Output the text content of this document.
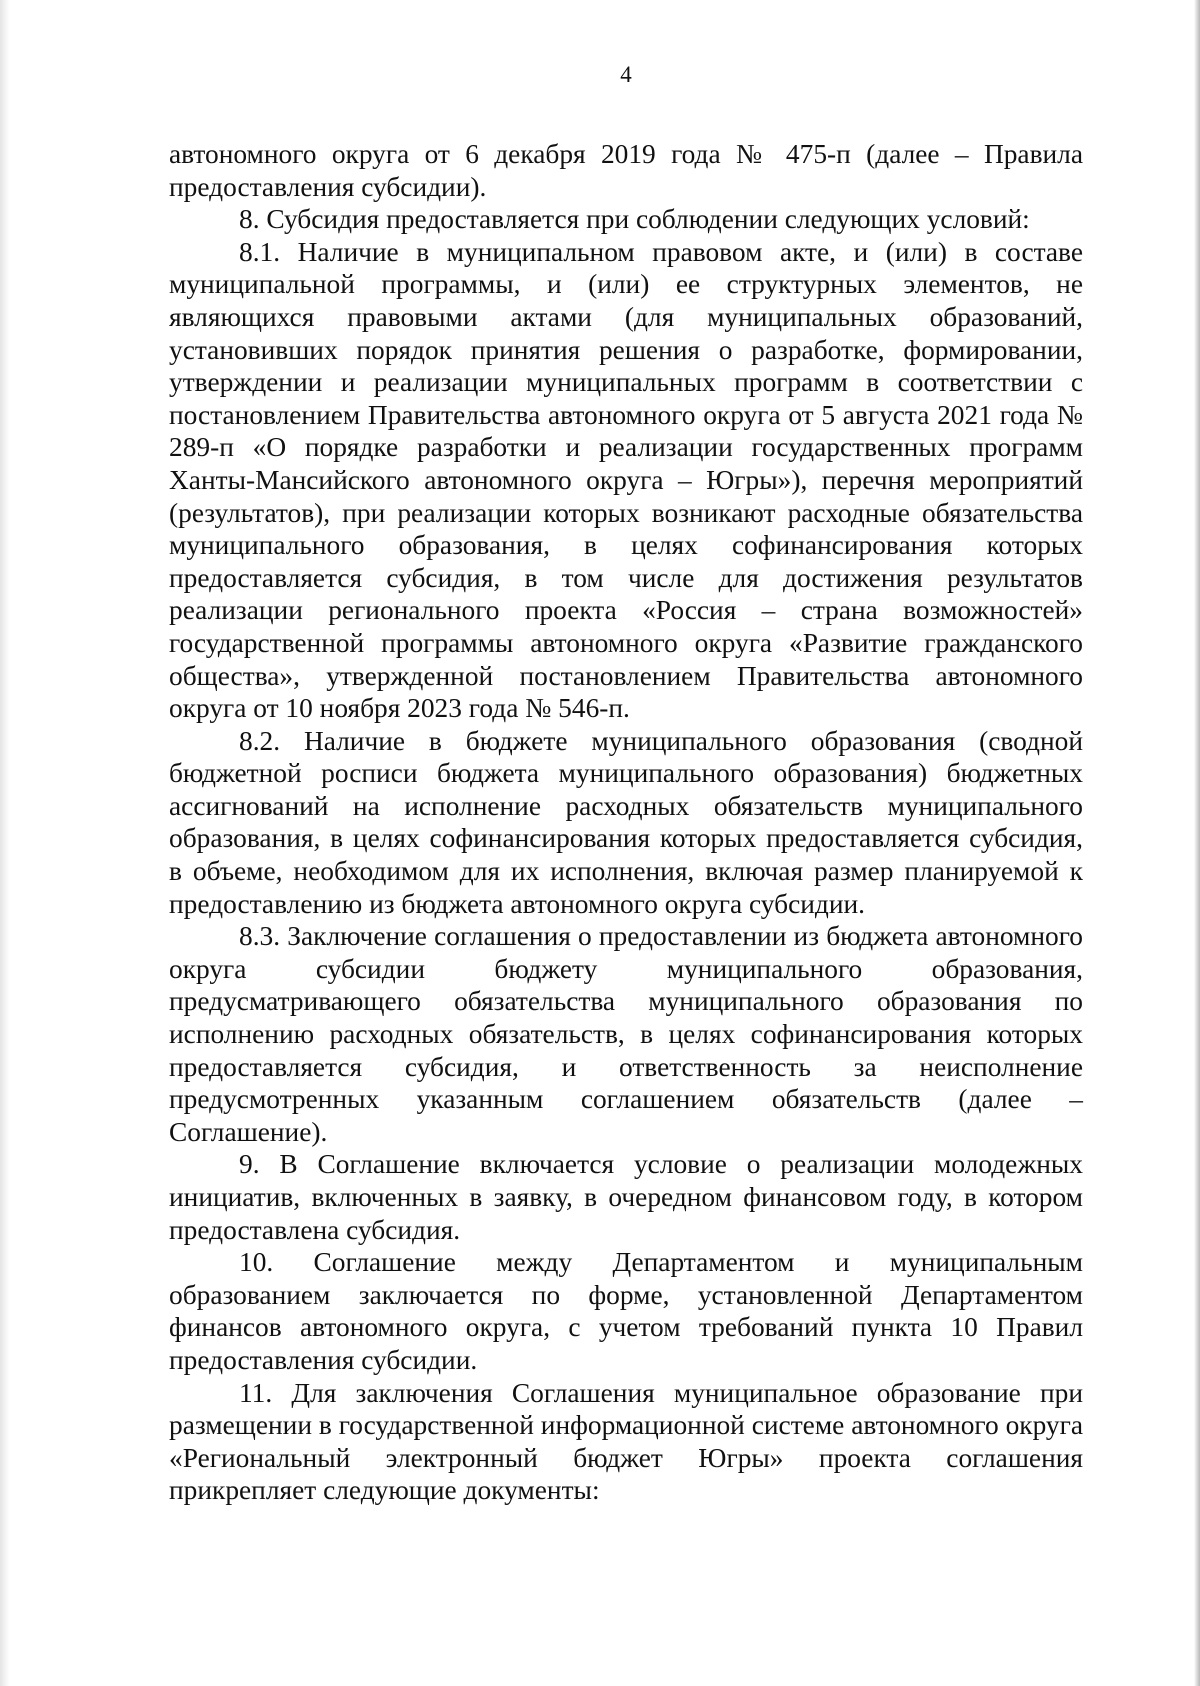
4

автономного округа от 6 декабря 2019 года № 475-п (далее – Правила предоставления субсидии).

8. Субсидия предоставляется при соблюдении следующих условий:

8.1. Наличие в муниципальном правовом акте, и (или) в составе муниципальной программы, и (или) ее структурных элементов, не являющихся правовыми актами (для муниципальных образований, установивших порядок принятия решения о разработке, формировании, утверждении и реализации муниципальных программ в соответствии с постановлением Правительства автономного округа от 5 августа 2021 года № 289-п «О порядке разработки и реализации государственных программ Ханты-Мансийского автономного округа – Югры»), перечня мероприятий (результатов), при реализации которых возникают расходные обязательства муниципального образования, в целях софинансирования которых предоставляется субсидия, в том числе для достижения результатов реализации регионального проекта «Россия – страна возможностей» государственной программы автономного округа «Развитие гражданского общества», утвержденной постановлением Правительства автономного округа от 10 ноября 2023 года № 546-п.

8.2. Наличие в бюджете муниципального образования (сводной бюджетной росписи бюджета муниципального образования) бюджетных ассигнований на исполнение расходных обязательств муниципального образования, в целях софинансирования которых предоставляется субсидия, в объеме, необходимом для их исполнения, включая размер планируемой к предоставлению из бюджета автономного округа субсидии.

8.3. Заключение соглашения о предоставлении из бюджета автономного округа субсидии бюджету муниципального образования, предусматривающего обязательства муниципального образования по исполнению расходных обязательств, в целях софинансирования которых предоставляется субсидия, и ответственность за неисполнение предусмотренных указанным соглашением обязательств (далее – Соглашение).

9. В Соглашение включается условие о реализации молодежных инициатив, включенных в заявку, в очередном финансовом году, в котором предоставлена субсидия.

10. Соглашение между Департаментом и муниципальным образованием заключается по форме, установленной Департаментом финансов автономного округа, с учетом требований пункта 10 Правил предоставления субсидии.

11. Для заключения Соглашения муниципальное образование при размещении в государственной информационной системе автономного округа «Региональный электронный бюджет Югры» проекта соглашения прикрепляет следующие документы:
